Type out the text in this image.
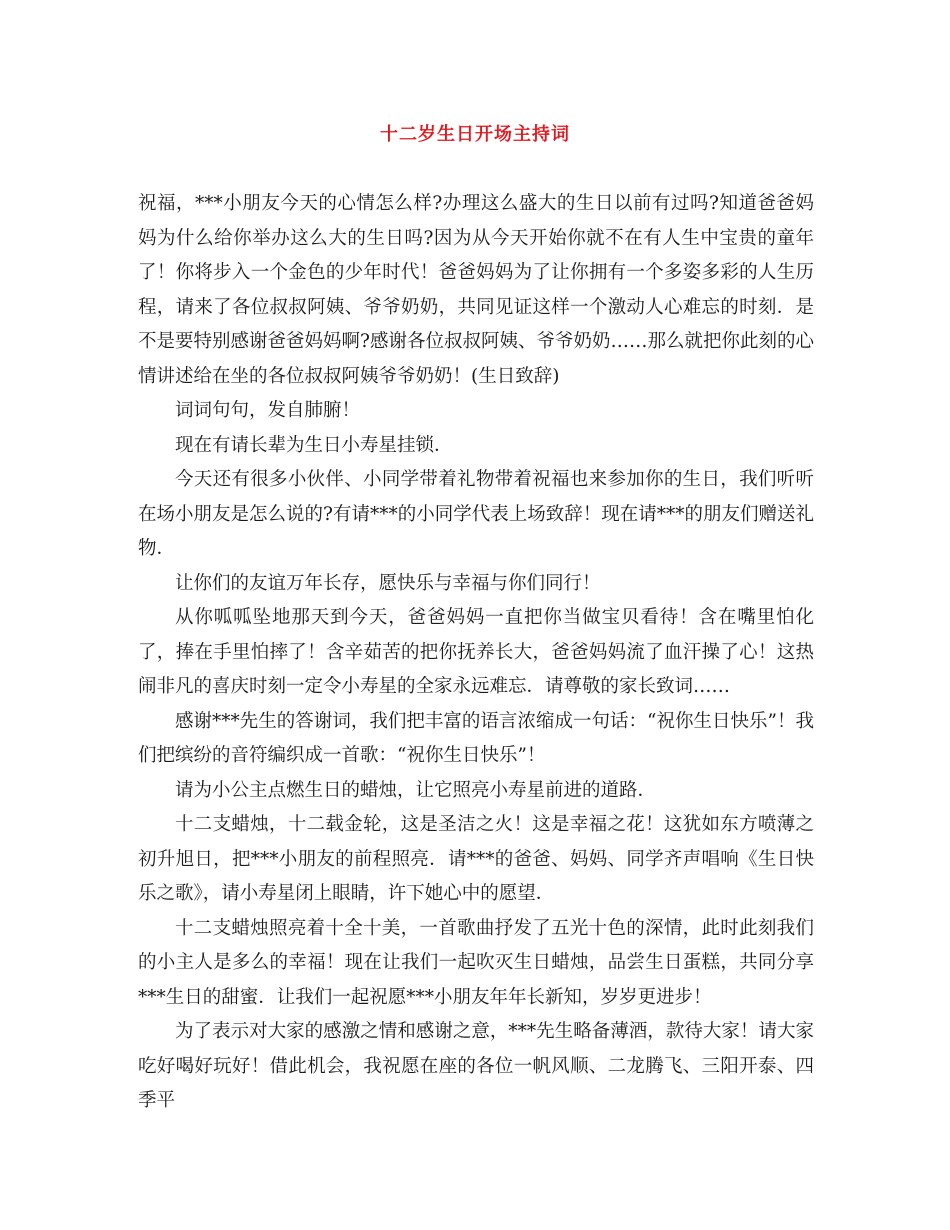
十二岁生日开场主持词

祝福，***小朋友今天的心情怎么样?办理这么盛大的生日以前有过吗?知道爸爸妈妈为什么给你举办这么大的生日吗?因为从今天开始你就不在有人生中宝贵的童年了！你将步入一个金色的少年时代！爸爸妈妈为了让你拥有一个多姿多彩的人生历程，请来了各位叔叔阿姨、爷爷奶奶，共同见证这样一个激动人心难忘的时刻．是不是要特别感谢爸爸妈妈啊?感谢各位叔叔阿姨、爷爷奶奶……那么就把你此刻的心情讲述给在坐的各位叔叔阿姨爷爷奶奶！(生日致辞)

词词句句，发自肺腑！

现在有请长辈为生日小寿星挂锁．

今天还有很多小伙伴、小同学带着礼物带着祝福也来参加你的生日，我们听听在场小朋友是怎么说的?有请***的小同学代表上场致辞！现在请***的朋友们赠送礼物．

让你们的友谊万年长存，愿快乐与幸福与你们同行！

从你呱呱坠地那天到今天，爸爸妈妈一直把你当做宝贝看待！含在嘴里怕化了，捧在手里怕摔了！含辛茹苦的把你抚养长大，爸爸妈妈流了血汗操了心！这热闹非凡的喜庆时刻一定令小寿星的全家永远难忘．请尊敬的家长致词……

感谢***先生的答谢词，我们把丰富的语言浓缩成一句话：“祝你生日快乐”！我们把缤纷的音符编织成一首歌：“祝你生日快乐”！

请为小公主点燃生日的蜡烛，让它照亮小寿星前进的道路．

十二支蜡烛，十二载金轮，这是圣洁之火！这是幸福之花！这犹如东方喷薄之初升旭日，把***小朋友的前程照亮．请***的爸爸、妈妈、同学齐声唱响《生日快乐之歌》，请小寿星闭上眼睛，许下她心中的愿望．

十二支蜡烛照亮着十全十美，一首歌曲抒发了五光十色的深情，此时此刻我们的小主人是多么的幸福！现在让我们一起吹灭生日蜡烛，品尝生日蛋糕，共同分享***生日的甜蜜．让我们一起祝愿***小朋友年年长新知，岁岁更进步！

为了表示对大家的感激之情和感谢之意，***先生略备薄酒，款待大家！请大家吃好喝好玩好！借此机会，我祝愿在座的各位一帆风顺、二龙腾飞、三阳开泰、四季平
